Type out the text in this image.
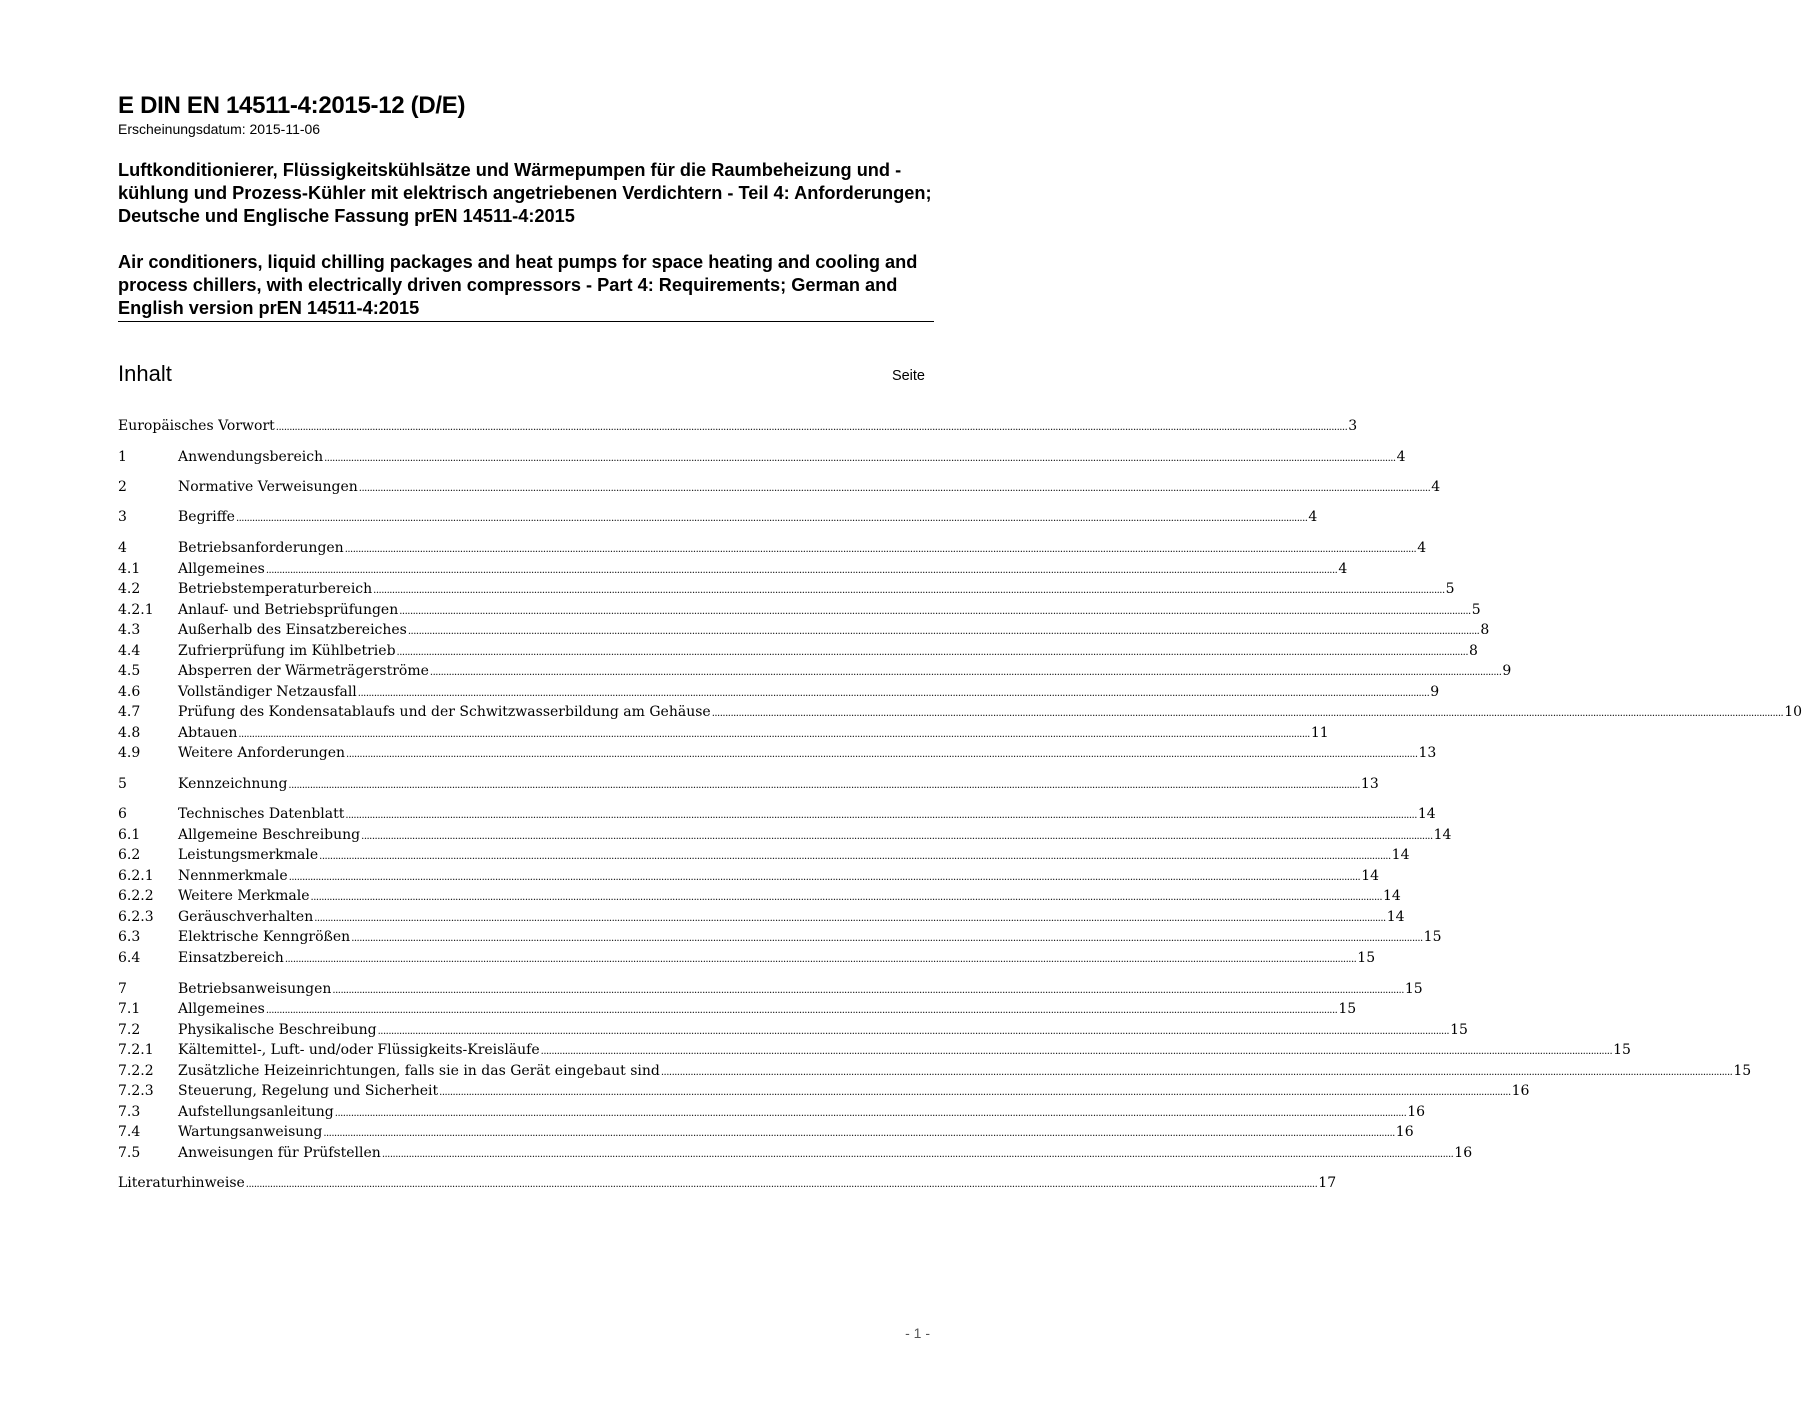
E DIN EN 14511-4:2015-12 (D/E)
Erscheinungsdatum: 2015-11-06

Luftkonditionierer, Flüssigkeitskühlsätze und Wärmepumpen für die Raumbeheizung und -kühlung und Prozess-Kühler mit elektrisch angetriebenen Verdichtern - Teil 4: Anforderungen; Deutsche und Englische Fassung prEN 14511-4:2015

Air conditioners, liquid chilling packages and heat pumps for space heating and cooling and process chillers, with electrically driven compressors - Part 4: Requirements; German and English version prEN 14511-4:2015

Inhalt	Seite
Europäisches Vorwort ................................................................................................................................................................................................................................................................................................................................................................................................................ 3
1	Anwendungsbereich ................................................................................................................................................................................................................................................................................................................................................................................................................ 4
2	Normative Verweisungen ................................................................................................................................................................................................................................................................................................................................................................................................................ 4
3	Begriffe ................................................................................................................................................................................................................................................................................................................................................................................................................ 4
4	Betriebsanforderungen ................................................................................................................................................................................................................................................................................................................................................................................................................ 4
4.1	Allgemeines ................................................................................................................................................................................................................................................................................................................................................................................................................ 4
4.2	Betriebstemperaturbereich ................................................................................................................................................................................................................................................................................................................................................................................................................ 5
4.2.1	Anlauf- und Betriebsprüfungen ................................................................................................................................................................................................................................................................................................................................................................................................................ 5
4.3	Außerhalb des Einsatzbereiches ................................................................................................................................................................................................................................................................................................................................................................................................................ 8
4.4	Zufrierprüfung im Kühlbetrieb ................................................................................................................................................................................................................................................................................................................................................................................................................ 8
4.5	Absperren der Wärmeträgerströme ................................................................................................................................................................................................................................................................................................................................................................................................................ 9
4.6	Vollständiger Netzausfall ................................................................................................................................................................................................................................................................................................................................................................................................................ 9
4.7	Prüfung des Kondensatablaufs und der Schwitzwasserbildung am Gehäuse ................................................................................................................................................................................................................................................................................................................................................................................................................ 10
4.8	Abtauen ................................................................................................................................................................................................................................................................................................................................................................................................................ 11
4.9	Weitere Anforderungen ................................................................................................................................................................................................................................................................................................................................................................................................................ 13
5	Kennzeichnung ................................................................................................................................................................................................................................................................................................................................................................................................................ 13
6	Technisches Datenblatt ................................................................................................................................................................................................................................................................................................................................................................................................................ 14
6.1	Allgemeine Beschreibung ................................................................................................................................................................................................................................................................................................................................................................................................................ 14
6.2	Leistungsmerkmale ................................................................................................................................................................................................................................................................................................................................................................................................................ 14
6.2.1	Nennmerkmale ................................................................................................................................................................................................................................................................................................................................................................................................................ 14
6.2.2	Weitere Merkmale ................................................................................................................................................................................................................................................................................................................................................................................................................ 14
6.2.3	Geräuschverhalten ................................................................................................................................................................................................................................................................................................................................................................................................................ 14
6.3	Elektrische Kenngrößen ................................................................................................................................................................................................................................................................................................................................................................................................................ 15
6.4	Einsatzbereich ................................................................................................................................................................................................................................................................................................................................................................................................................ 15
7	Betriebsanweisungen ................................................................................................................................................................................................................................................................................................................................................................................................................ 15
7.1	Allgemeines ................................................................................................................................................................................................................................................................................................................................................................................................................ 15
7.2	Physikalische Beschreibung ................................................................................................................................................................................................................................................................................................................................................................................................................ 15
7.2.1	Kältemittel-, Luft- und/oder Flüssigkeits-Kreisläufe ................................................................................................................................................................................................................................................................................................................................................................................................................ 15
7.2.2	Zusätzliche Heizeinrichtungen, falls sie in das Gerät eingebaut sind ................................................................................................................................................................................................................................................................................................................................................................................................................ 15
7.2.3	Steuerung, Regelung und Sicherheit ................................................................................................................................................................................................................................................................................................................................................................................................................ 16
7.3	Aufstellungsanleitung ................................................................................................................................................................................................................................................................................................................................................................................................................ 16
7.4	Wartungsanweisung ................................................................................................................................................................................................................................................................................................................................................................................................................ 16
7.5	Anweisungen für Prüfstellen ................................................................................................................................................................................................................................................................................................................................................................................................................ 16
Literaturhinweise ................................................................................................................................................................................................................................................................................................................................................................................................................ 17
- 1 -
